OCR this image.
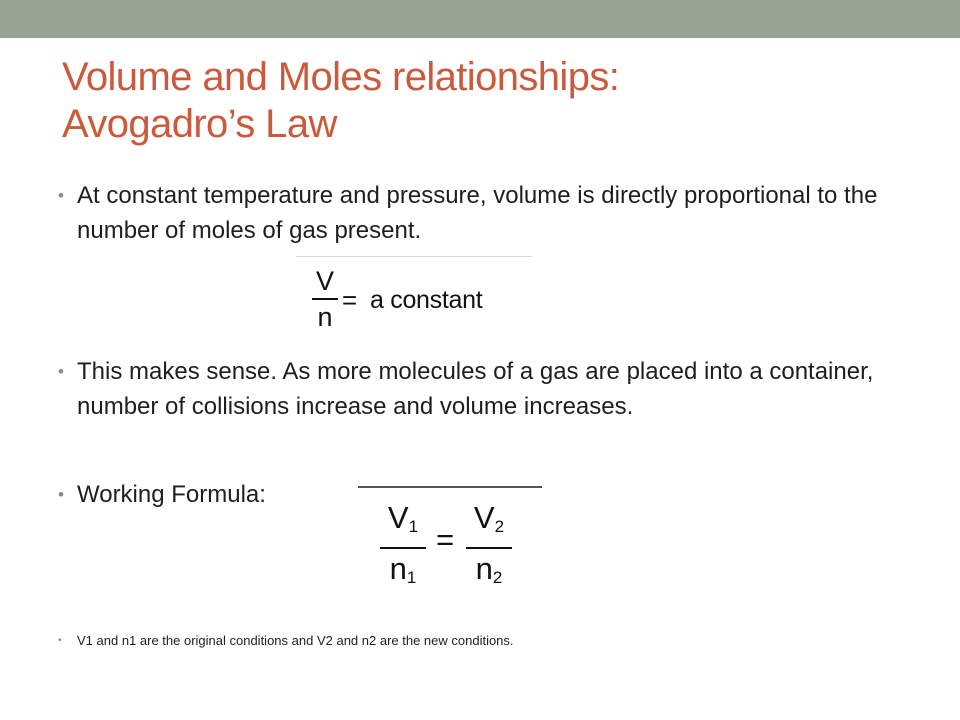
Volume and Moles relationships:
Avogadro’s Law
• At constant temperature and pressure, volume is directly proportional to the number of moles of gas present.
V
n
= a constant
• This makes sense. As more molecules of a gas are placed into a container, number of collisions increase and volume increases.
• Working Formula:
$V_1$
$n_1$
=
$V_2$
$n_2$
•	V1 and n1 are the original conditions and V2 and n2 are the new conditions.
